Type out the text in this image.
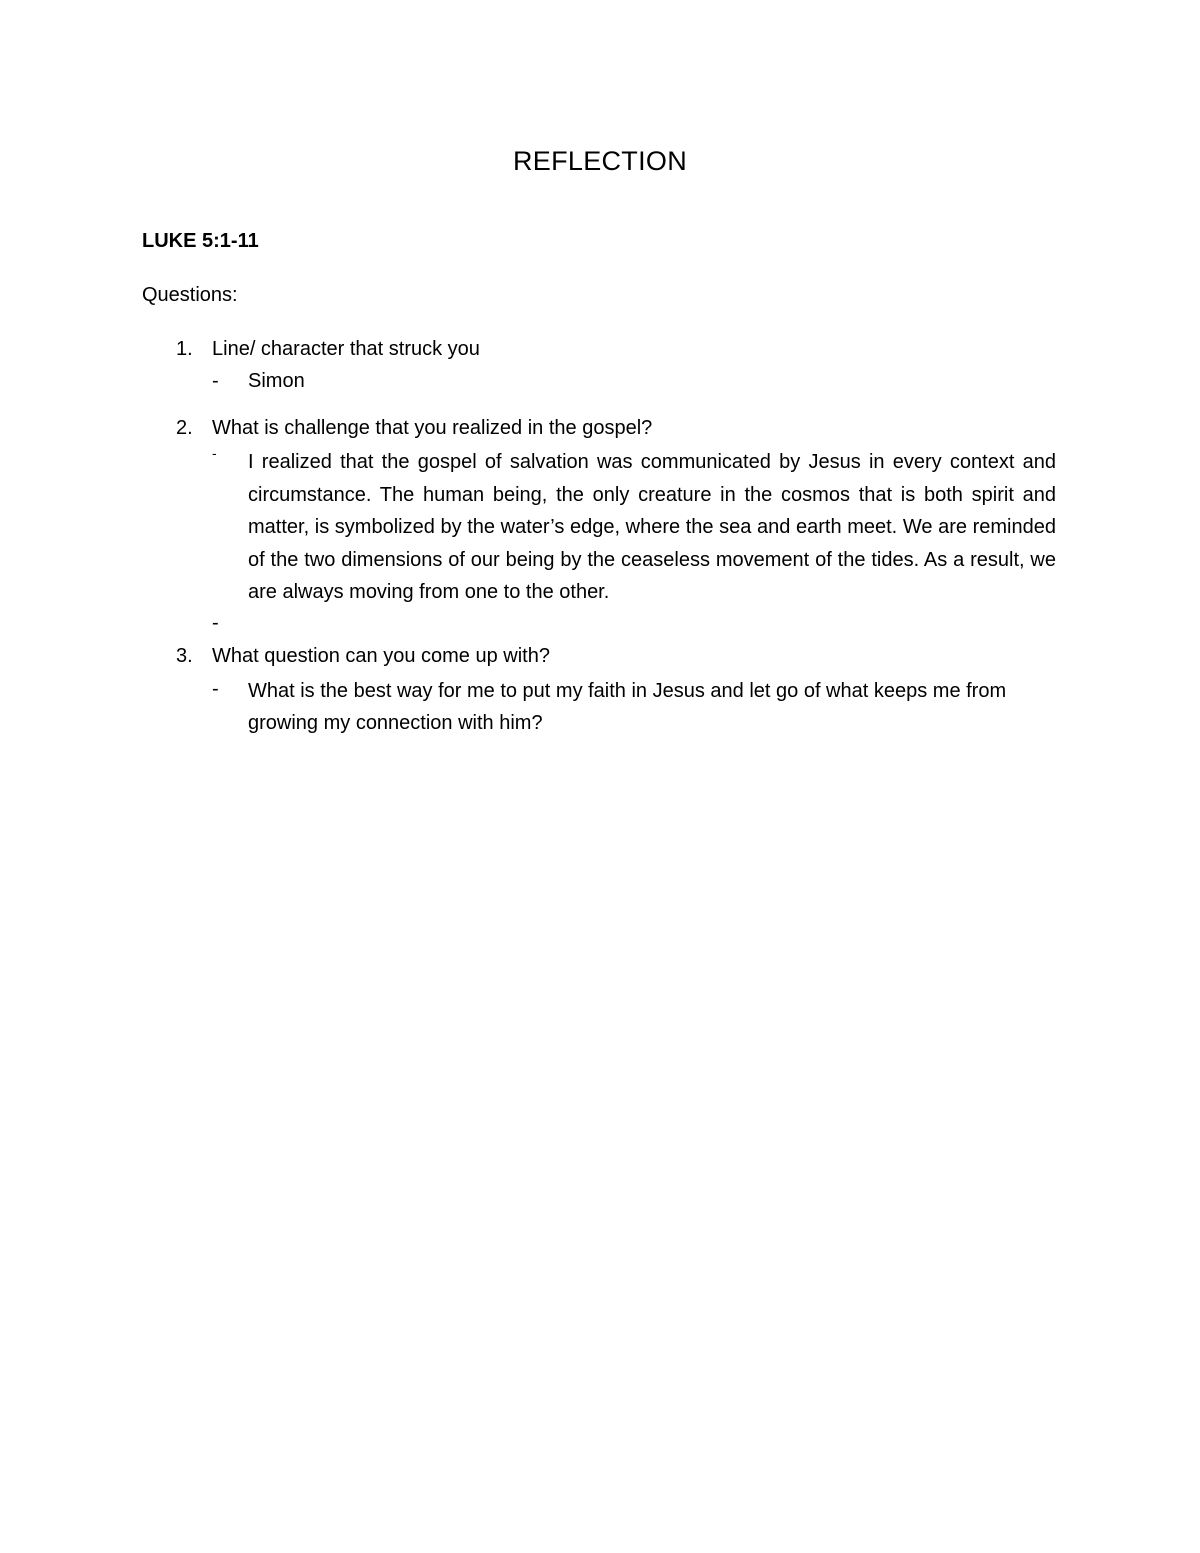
REFLECTION
LUKE 5:1-11
Questions:
1. Line/ character that struck you
- Simon
2. What is challenge that you realized in the gospel?
- I realized that the gospel of salvation was communicated by Jesus in every context and circumstance. The human being, the only creature in the cosmos that is both spirit and matter, is symbolized by the water’s edge, where the sea and earth meet. We are reminded of the two dimensions of our being by the ceaseless movement of the tides. As a result, we are always moving from one to the other.
-
3. What question can you come up with?
- What is the best way for me to put my faith in Jesus and let go of what keeps me from growing my connection with him?
